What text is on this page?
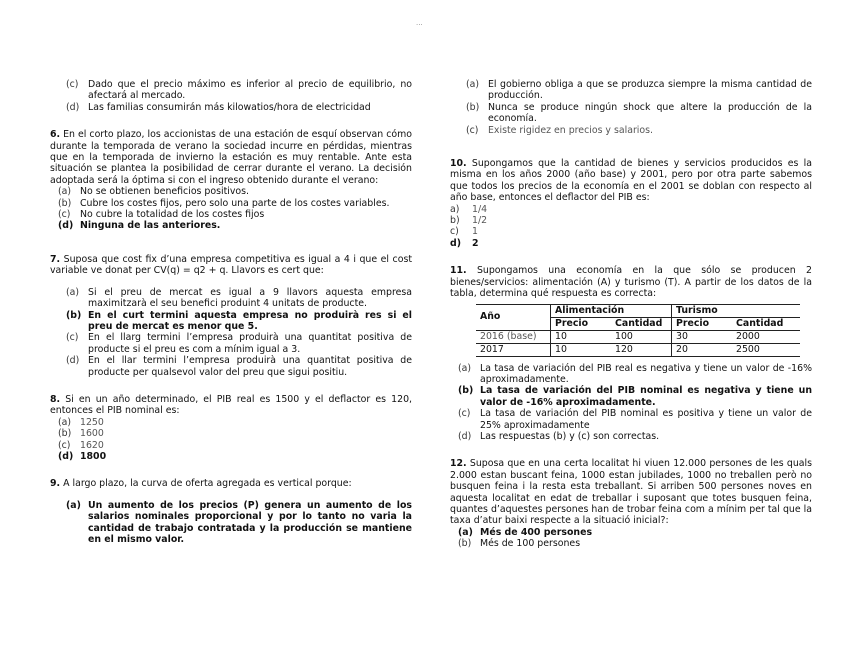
···
(c)	Dado que el precio máximo es inferior al precio de equilibrio, no afectará al mercado.
(d) Las familias consumirán más kilowatios/hora de electricidad

6. En el corto plazo, los accionistas de una estación de esquí observan cómo durante la temporada de verano la sociedad incurre en pérdidas, mientras que en la temporada de invierno la estación es muy rentable. Ante esta situación se plantea la posibilidad de cerrar durante el verano. La decisión adoptada será la óptima si con el ingreso obtenido durante el verano:

(a) No se obtienen beneficios positivos.
(b) Cubre los costes fijos, pero solo una parte de los costes variables.
(c)	No cubre la totalidad de los costes fijos
(d) Ninguna de las anteriores.

7. Suposa que cost fix d’una empresa competitiva es igual a 4 i que el cost variable ve donat per CV(q) = q2 + q. Llavors es cert que:

(a) Si el preu de mercat es igual a 9 llavors aquesta empresa maximitzarà el seu benefici produint 4 unitats de producte.
(b) En el curt termini aquesta empresa no produirà res si el preu de mercat es menor que 5.
(c)	En el llarg termini l’empresa produirà una quantitat positiva de producte si el preu es com a mínim igual a 3.
(d) En el llar termini l’empresa produirà una quantitat positiva de producte per qualsevol valor del preu que sigui positiu.

8. Si en un año determinado, el PIB real es 1500 y el deflactor es 120, entonces el PIB nominal es:

(a) 1250
(b) 1600
(c)	1620
(d) 1800

9. A largo plazo, la curva de oferta agregada es vertical porque:

(a) Un aumento de los precios (P) genera un aumento de los salarios nominales proporcional y por lo tanto no varia la cantidad de trabajo contratada y la producción se mantiene en el mismo valor.
(a) El gobierno obliga a que se produzca siempre la misma cantidad de producción.
(b) Nunca se produce ningún shock que altere la producción de la economía.
(c)	Existe rigidez en precios y salarios.

10. Supongamos que la cantidad de bienes y servicios producidos es la misma en los años 2000 (año base) y 2001, pero por otra parte sabemos que todos los precios de la economía en el 2001 se doblan con respecto al año base, entonces el deflactor del PIB es:

a)	1/4
b)	1/2
c)	1
d)	2

11. Supongamos una economía en la que sólo se producen 2 bienes/servicios: alimentación (A) y turismo (T). A partir de los datos de la tabla, determina qué respuesta es correcta:

Año	Alimentación		Turismo	
	Precio	Cantidad	Precio	Cantidad
2016 (base)	10	100	30	2000
2017	10	120	20	2500
(a) La tasa de variación del PIB real es negativa y tiene un valor de -16% aproximadamente.
(b) La tasa de variación del PIB nominal es negativa y tiene un valor de -16% aproximadamente.
(c)	La tasa de variación del PIB nominal es positiva y tiene un valor de 25% aproximadamente
(d) Las respuestas (b) y (c) son correctas.

12. Suposa que en una certa localitat hi viuen 12.000 persones de les quals 2.000 estan buscant feina, 1000 estan jubilades, 1000 no treballen però no busquen feina i la resta esta treballant. Si arriben 500 persones noves en aquesta localitat en edat de treballar i suposant que totes busquen feina, quantes d’aquestes persones han de trobar feina com a mínim per tal que la taxa d’atur baixi respecte a la situació inicial?:

(a) Més de 400 persones
(b) Més de 100 persones
